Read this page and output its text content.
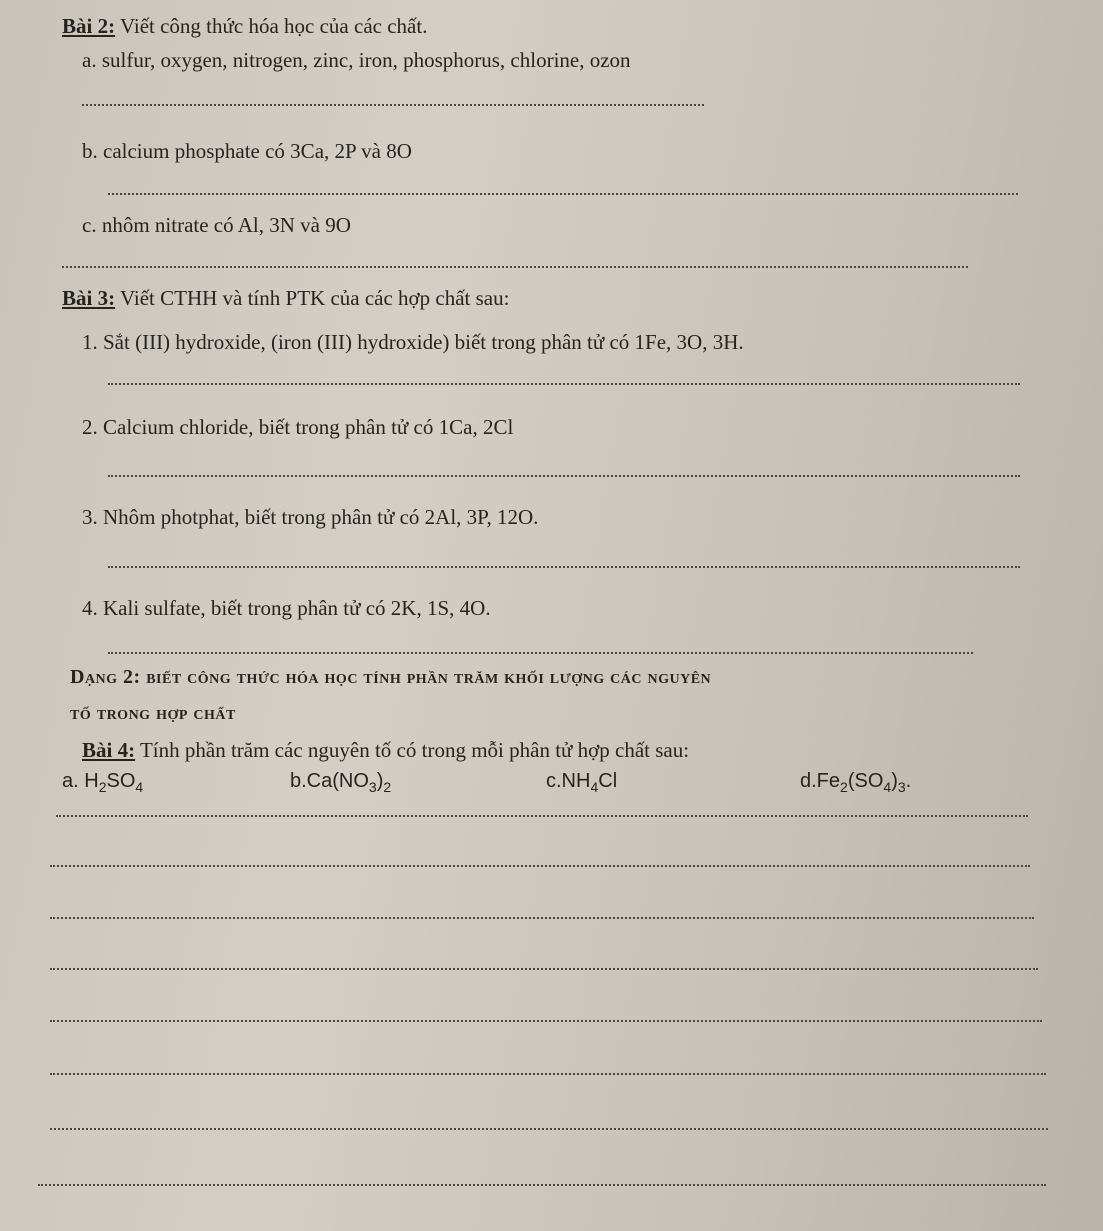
Bài 2: Viết công thức hóa học của các chất.
a. sulfur, oxygen, nitrogen, zinc, iron, phosphorus, chlorine, ozon
b. calcium phosphate có 3Ca, 2P và 8O
c. nhôm nitrate có Al, 3N và 9O
Bài 3: Viết CTHH và tính PTK của các hợp chất sau:
1. Sắt (III) hydroxide, (iron (III) hydroxide) biết trong phân tử có 1Fe, 3O, 3H.
2. Calcium chloride, biết trong phân tử có 1Ca, 2Cl
3. Nhôm photphat, biết trong phân tử có 2Al, 3P, 12O.
4. Kali sulfate, biết trong phân tử có 2K, 1S, 4O.
Dạng 2: biết công thức hóa học tính phần trăm khối lượng các nguyên
tố trong hợp chất
Bài 4: Tính phần trăm các nguyên tố có trong mỗi phân tử hợp chất sau:
a. $H_2SO_4$	$b.Ca(NO_3)_2$	$c.NH_4Cl$	$d.Fe_2(SO_4)_3$.
